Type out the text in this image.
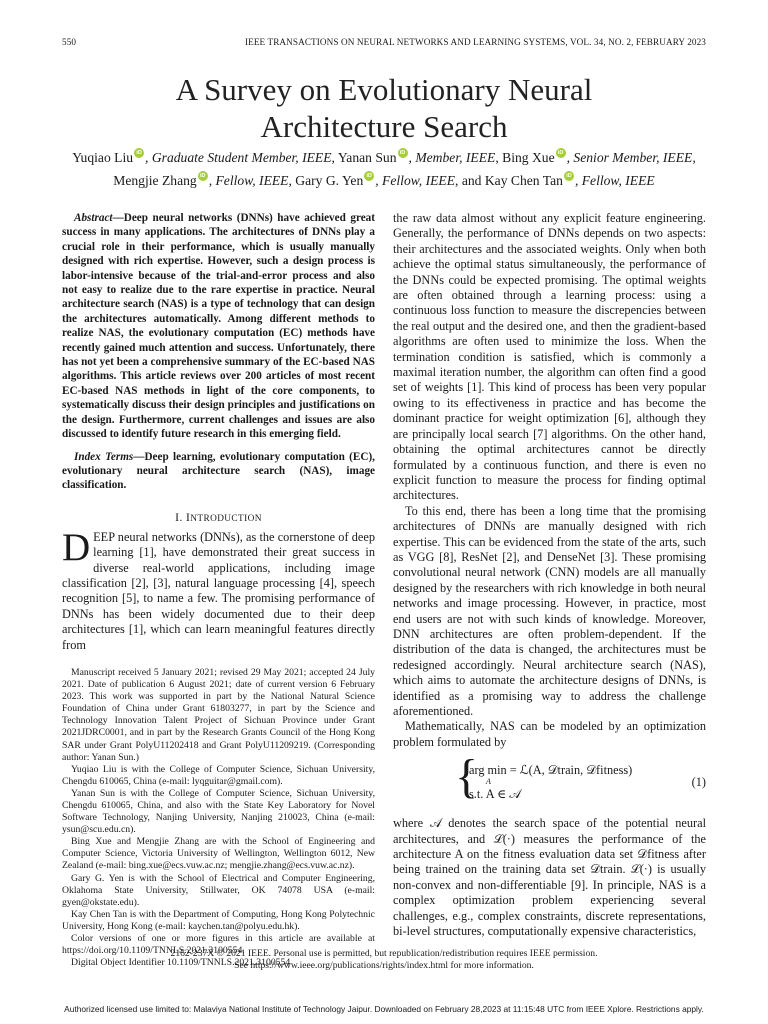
550	IEEE TRANSACTIONS ON NEURAL NETWORKS AND LEARNING SYSTEMS, VOL. 34, NO. 2, FEBRUARY 2023
A Survey on Evolutionary Neural
Architecture Search
Yuqiao Liu iD , Graduate Student Member, IEEE, Yanan Sun iD , Member, IEEE, Bing Xue iD , Senior Member, IEEE,
Mengjie Zhang iD , Fellow, IEEE, Gary G. Yen iD , Fellow, IEEE, and Kay Chen Tan iD , Fellow, IEEE

Abstract—Deep neural networks (DNNs) have achieved great success in many applications. The architectures of DNNs play a crucial role in their performance, which is usually manually designed with rich expertise. However, such a design process is labor-intensive because of the trial-and-error process and also not easy to realize due to the rare expertise in practice. Neural architecture search (NAS) is a type of technology that can design the architectures automatically. Among different methods to realize NAS, the evolutionary computation (EC) methods have recently gained much attention and success. Unfortunately, there has not yet been a comprehensive summary of the EC-based NAS algorithms. This article reviews over 200 articles of most recent EC-based NAS methods in light of the core components, to systematically discuss their design principles and justifications on the design. Furthermore, current challenges and issues are also discussed to identify future research in this emerging field.

Index Terms—Deep learning, evolutionary computation (EC), evolutionary neural architecture search (NAS), image classification.

I. INTRODUCTION

DEEP neural networks (DNNs), as the cornerstone of deep learning [1], have demonstrated their great success in diverse real-world applications, including image classification [2], [3], natural language processing [4], speech recognition [5], to name a few. The promising performance of DNNs has been widely documented due to their deep architectures [1], which can learn meaningful features directly from

Manuscript received 5 January 2021; revised 29 May 2021; accepted 24 July 2021. Date of publication 6 August 2021; date of current version 6 February 2023. This work was supported in part by the National Natural Science Foundation of China under Grant 61803277, in part by the Science and Technology Innovation Talent Project of Sichuan Province under Grant 2021JDRC0001, and in part by the Research Grants Council of the Hong Kong SAR under Grant PolyU11202418 and Grant PolyU11209219. (Corresponding author: Yanan Sun.)

Yuqiao Liu is with the College of Computer Science, Sichuan University, Chengdu 610065, China (e-mail: lyqguitar@gmail.com).

Yanan Sun is with the College of Computer Science, Sichuan University, Chengdu 610065, China, and also with the State Key Laboratory for Novel Software Technology, Nanjing University, Nanjing 210023, China (e-mail: ysun@scu.edu.cn).

Bing Xue and Mengjie Zhang are with the School of Engineering and Computer Science, Victoria University of Wellington, Wellington 6012, New Zealand (e-mail: bing.xue@ecs.vuw.ac.nz; mengjie.zhang@ecs.vuw.ac.nz).

Gary G. Yen is with the School of Electrical and Computer Engineering, Oklahoma State University, Stillwater, OK 74078 USA (e-mail: gyen@okstate.edu).

Kay Chen Tan is with the Department of Computing, Hong Kong Polytechnic University, Hong Kong (e-mail: kaychen.tan@polyu.edu.hk).

Color versions of one or more figures in this article are available at https://doi.org/10.1109/TNNLS.2021.3100554.

Digital Object Identifier 10.1109/TNNLS.2021.3100554

the raw data almost without any explicit feature engineering. Generally, the performance of DNNs depends on two aspects: their architectures and the associated weights. Only when both achieve the optimal status simultaneously, the performance of the DNNs could be expected promising. The optimal weights are often obtained through a learning process: using a continuous loss function to measure the discrepencies between the real output and the desired one, and then the gradient-based algorithms are often used to minimize the loss. When the termination condition is satisfied, which is commonly a maximal iteration number, the algorithm can often find a good set of weights [1]. This kind of process has been very popular owing to its effectiveness in practice and has become the dominant practice for weight optimization [6], although they are principally local search [7] algorithms. On the other hand, obtaining the optimal architectures cannot be directly formulated by a continuous function, and there is even no explicit function to measure the process for finding optimal architectures.

To this end, there has been a long time that the promising architectures of DNNs are manually designed with rich expertise. This can be evidenced from the state of the arts, such as VGG [8], ResNet [2], and DenseNet [3]. These promising convolutional neural network (CNN) models are all manually designed by the researchers with rich knowledge in both neural networks and image processing. However, in practice, most end users are not with such kinds of knowledge. Moreover, DNN architectures are often problem-dependent. If the distribution of the data is changed, the architectures must be redesigned accordingly. Neural architecture search (NAS), which aims to automate the architecture designs of DNNs, is identified as a promising way to address the challenge aforementioned.

Mathematically, NAS can be modeled by an optimization problem formulated by

{
arg min = ℒ(A, 𝒟train, 𝒟fitness)
A
s.t. A ∈ 𝒜
(1)

where 𝒜 denotes the search space of the potential neural architectures, and ℒ(·) measures the performance of the architecture A on the fitness evaluation data set 𝒟fitness after being trained on the training data set 𝒟train. ℒ(·) is usually non-convex and non-differentiable [9]. In principle, NAS is a complex optimization problem experiencing several challenges, e.g., complex constraints, discrete representations, bi-level structures, computationally expensive characteristics,

2162-237X © 2021 IEEE. Personal use is permitted, but republication/redistribution requires IEEE permission.
See https://www.ieee.org/publications/rights/index.html for more information.
Authorized licensed use limited to: Malaviya National Institute of Technology Jaipur. Downloaded on February 28,2023 at 11:15:48 UTC from IEEE Xplore. Restrictions apply.
